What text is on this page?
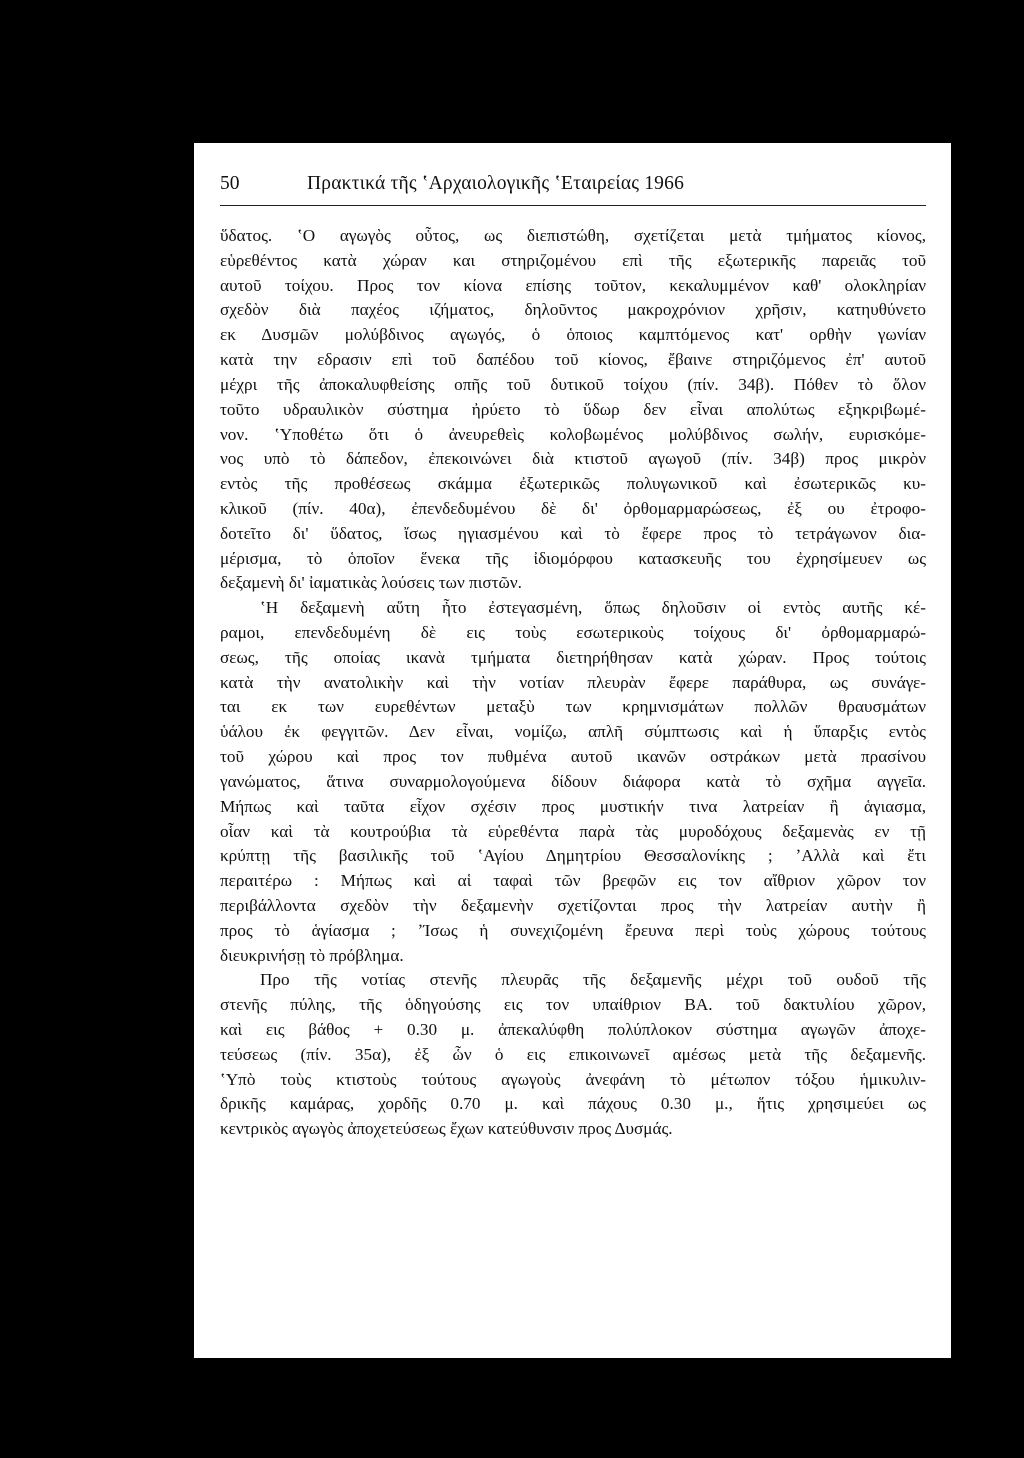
50	Πρακτικά τῆς ʽΑρχαιολογικῆς ʽΕταιρείας 1966
ὕδατος. ʽΟ αγωγὸς οὗτος, ως διεπιστώθη, σχετίζεται μετὰ τμήματος κίονος,
εὑρεθέντος κατὰ χώραν και στηριζομένου επὶ τῆς εξωτερικῆς παρειᾶς τοῦ
αυτοῦ τοίχου. Προς τον κίονα επίσης τοῦτον, κεκαλυμμένον καθ' ολοκληρίαν
σχεδὸν διὰ παχέος ιζήματος, δηλοῦντος μακροχρόνιον χρῆσιν, κατηυθύνετο
εκ Δυσμῶν μολύβδινος αγωγός, ὁ ὁποιος καμπτόμενος κατ' ορθὴν γωνίαν
κατὰ την εδρασιν επὶ τοῦ δαπέδου τοῦ κίονος, ἔβαινε στηριζόμενος ἐπ' αυτοῦ
μέχρι τῆς ἀποκαλυφθείσης οπῆς τοῦ δυτικοῦ τοίχου (πίν. 34β). Πόθεν τὸ ὅλον
τοῦτο υδραυλικὸν σύστημα ἠρύετο τὸ ὕδωρ δεν εἶναι απολύτως εξηκριβωμέ-
νον. ʽΥποθέτω ὅτι ὁ ἀνευρεθεὶς κολοβωμένος μολύβδινος σωλήν, ευρισκόμε-
νος υπὸ τὸ δάπεδον, ἐπεκοινώνει διὰ κτιστοῦ αγωγοῦ (πίν. 34β) προς μικρὸν
εντὸς τῆς προθέσεως σκάμμα ἐξωτερικῶς πολυγωνικοῦ καὶ ἐσωτερικῶς κυ-
κλικοῦ (πίν. 40α), ἐπενδεδυμένου δὲ δι' ὀρθομαρμαρώσεως, ἐξ ου ἐτροφο-
δοτεῖτο δι' ὕδατος, ἴσως ηγιασμένου καὶ τὸ ἔφερε προς τὸ τετράγωνον δια-
μέρισμα, τὸ ὁποῖον ἕνεκα τῆς ἰδιομόρφου κατασκευῆς του ἐχρησίμευεν ως
δεξαμενὴ δι' ἰαματικὰς λούσεις των πιστῶν.
ʽΗ δεξαμενὴ αὕτη ἦτο ἐστεγασμένη, ὅπως δηλοῦσιν οἱ εντὸς αυτῆς κέ-
ραμοι, επενδεδυμένη δὲ εις τοὺς εσωτερικοὺς τοίχους δι' ὀρθομαρμαρώ-
σεως, τῆς οποίας ικανὰ τμήματα διετηρήθησαν κατὰ χώραν. Προς τούτοις
κατὰ τὴν ανατολικὴν καὶ τὴν νοτίαν πλευρὰν ἔφερε παράθυρα, ως συνάγε-
ται εκ των ευρεθέντων μεταξὺ των κρημνισμάτων πολλῶν θραυσμάτων
ὑάλου ἐκ φεγγιτῶν. Δεν εἶναι, νομίζω, απλῆ σύμπτωσις καὶ ἡ ὕπαρξις εντὸς
τοῦ χώρου καὶ προς τον πυθμένα αυτοῦ ικανῶν οστράκων μετὰ πρασίνου
γανώματος, ἅτινα συναρμολογούμενα δίδουν διάφορα κατὰ τὸ σχῆμα αγγεῖα.
Μήπως καὶ ταῦτα εἶχον σχέσιν προς μυστικήν τινα λατρείαν ἢ ἁγιασμα,
οἷαν καὶ τὰ κουτρούβια τὰ εὑρεθέντα παρὰ τὰς μυροδόχους δεξαμενὰς εν τῇ
κρύπτῃ τῆς βασιλικῆς τοῦ ʽΑγίου Δημητρίου Θεσσαλονίκης ; ʼΑλλὰ καὶ ἔτι
περαιτέρω : Μήπως καὶ αἱ ταφαὶ τῶν βρεφῶν εις τον αἴθριον χῶρον τον
περιβάλλοντα σχεδὸν τὴν δεξαμενὴν σχετίζονται προς τὴν λατρείαν αυτὴν ἢ
προς τὸ ἁγίασμα ; ʼΊσως ἡ συνεχιζομένη ἔρευνα περὶ τοὺς χώρους τούτους
διευκρινήσῃ τὸ πρόβλημα.
Προ τῆς νοτίας στενῆς πλευρᾶς τῆς δεξαμενῆς μέχρι τοῦ ουδοῦ τῆς
στενῆς πύλης, τῆς ὁδηγούσης εις τον υπαίθριον ΒΑ. τοῦ δακτυλίου χῶρον,
καὶ εις βάθος + 0.30 μ. ἀπεκαλύφθη πολύπλοκον σύστημα αγωγῶν ἀποχε-
τεύσεως (πίν. 35α), ἐξ ὧν ὁ εις επικοινωνεῖ αμέσως μετὰ τῆς δεξαμενῆς.
ʽΥπὸ τοὺς κτιστοὺς τούτους αγωγοὺς ἀνεφάνη τὸ μέτωπον τόξου ἡμικυλιν-
δρικῆς καμάρας, χορδῆς 0.70 μ. καὶ πάχους 0.30 μ., ἥτις χρησιμεύει ως
κεντρικὸς αγωγὸς ἀποχετεύσεως ἔχων κατεύθυνσιν προς Δυσμάς.
